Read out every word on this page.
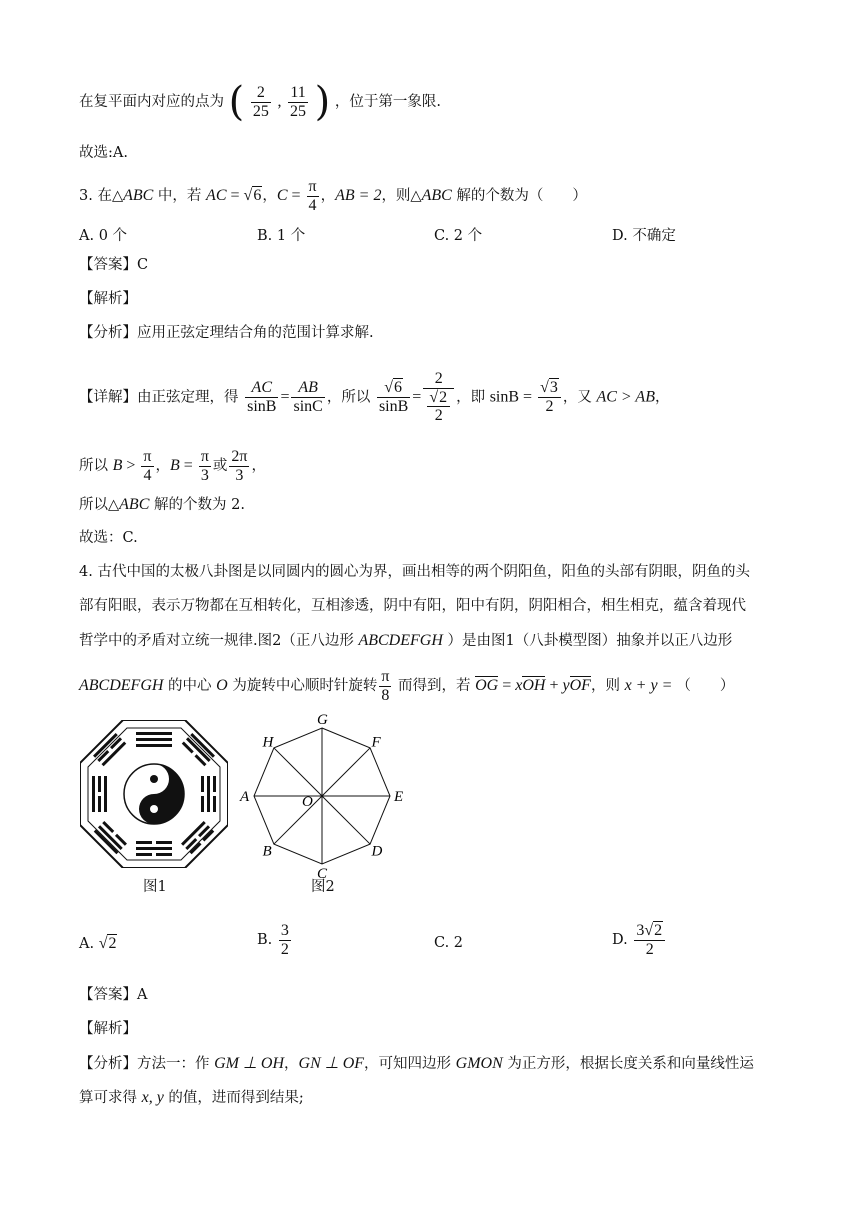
在复平面内对应的点为 ( $\frac{2}{25}$ , $\frac{11}{25}$ ) ，位于第一象限.
故选:A.
3. 在△ABC 中，若 AC = √6，$C = \frac{\pi}{4}$ ，AB = 2，则△ABC 解的个数为（　　）
A. 0 个	B. 1 个	C. 2 个	D. 不确定
【答案】C
【解析】
【分析】应用正弦定理结合角的范围计算求解.
【详解】由正弦定理，得 $\frac{AC}{\sin B} = \frac{AB}{\sin C}$ ，所以 $\frac{√6}{\sin B} = \frac{2}{\frac{√2}{2}}$ ，即 $\sin B = \frac{√3}{2}$ ，又 AC > AB，
所以 $B > \frac{\pi}{4}$ ，$B = \frac{\pi}{3}$ 或 $\frac{2\pi}{3}$ ，
所以△ABC 解的个数为 2.
故选：C.
4. 古代中国的太极八卦图是以同圆内的圆心为界，画出相等的两个阴阳鱼，阳鱼的头部有阴眼，阴鱼的头
部有阳眼，表示万物都在互相转化，互相渗透，阴中有阳，阳中有阴，阴阳相合，相生相克，蕴含着现代
哲学中的矛盾对立统一规律.图2（正八边形 ABCDEFGH ）是由图1（八卦模型图）抽象并以正八边形
ABCDEFGH 的中心 O 为旋转中心顺时针旋转 $\frac{\pi}{8}$ 而得到，若 OG = xOH + yOF，则 x + y = （　　）
图1
G
F
E
D
C
B
A
H
O
图2
A. √2	B. $\frac{3}{2}$	C. 2	D. $\frac{3√2}{2}$
【答案】A
【解析】
【分析】方法一：作 GM ⊥ OH，GN ⊥ OF，可知四边形 GMON 为正方形，根据长度关系和向量线性运
算可求得 x, y 的值，进而得到结果;
